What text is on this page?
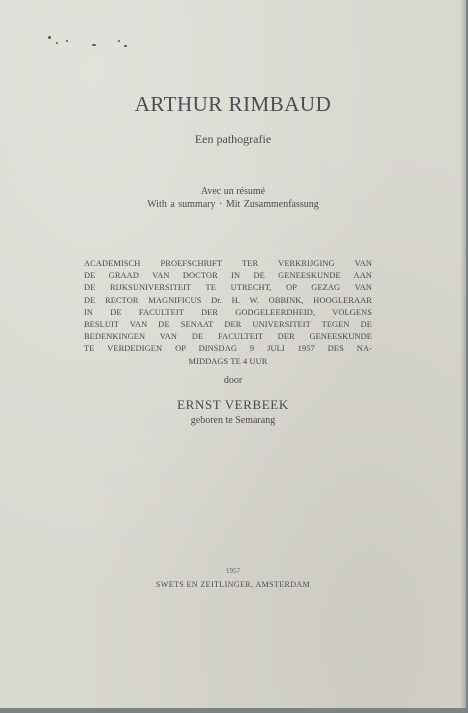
ARTHUR RIMBAUD
Een pathografie
Avec un résumé
With a summary · Mit Zusammenfassung
ACADEMISCH PROEFSCHRIFT TER VERKRIJGING VAN
DE GRAAD VAN DOCTOR IN DE GENEESKUNDE AAN
DE RIJKSUNIVERSITEIT TE UTRECHT, OP GEZAG VAN
DE RECTOR MAGNIFICUS Dr. H. W. OBBINK, HOOGLERAAR
IN DE FACULTEIT DER GODGELEERDHEID, VOLGENS
BESLUIT VAN DE SENAAT DER UNIVERSITEIT TEGEN DE
BEDENKINGEN VAN DE FACULTEIT DER GENEESKUNDE
TE VERDEDIGEN OP DINSDAG 9 JULI 1957 DES NA-
MIDDAGS TE 4 UUR
door
ERNST VERBEEK
geboren te Semarang
1957
SWETS EN ZEITLINGER, AMSTERDAM
